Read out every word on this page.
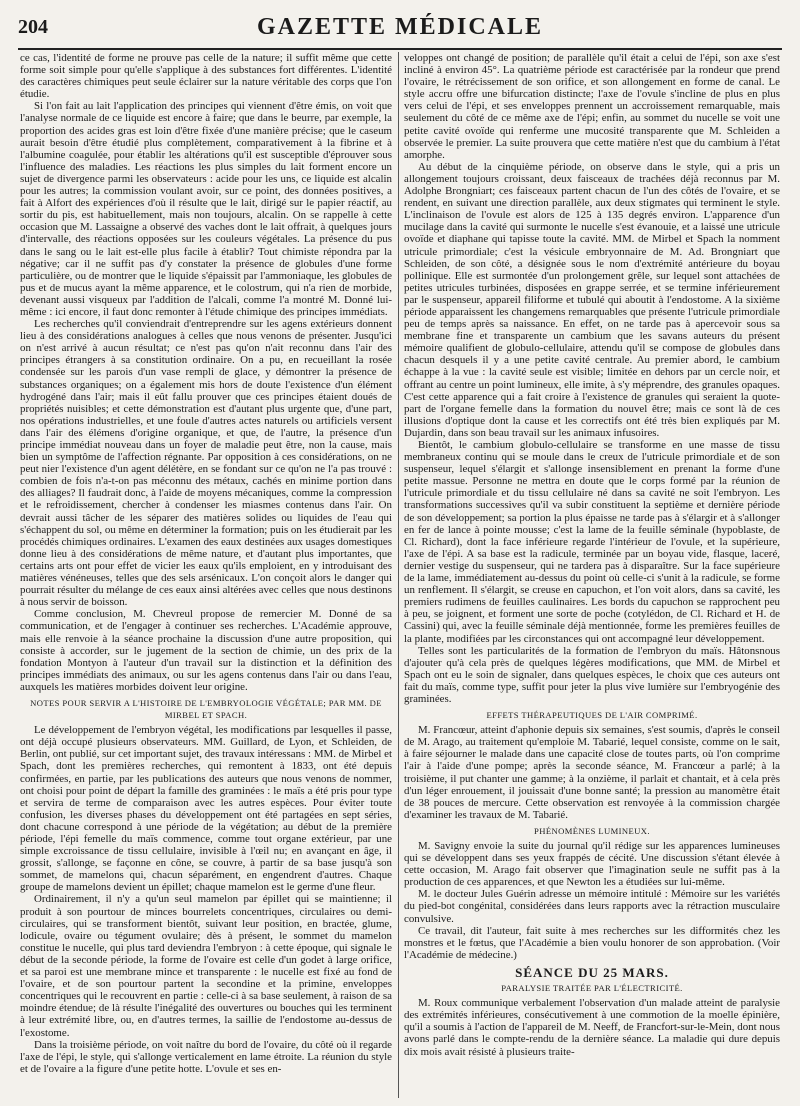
204	GAZETTE MÉDICALE

ce cas, l'identité de forme ne prouve pas celle de la nature; il suffit même que cette forme soit simple pour qu'elle s'applique à des substances fort différentes. L'identité des caractères chimiques peut seule éclairer sur la nature véritable des corps que l'on étudie.

Si l'on fait au lait l'application des principes qui viennent d'être émis, on voit que l'analyse normale de ce liquide est encore à faire; que dans le beurre, par exemple, la proportion des acides gras est loin d'être fixée d'une manière précise; que le caseum aurait besoin d'être étudié plus complètement, comparativement à la fibrine et à l'albumine coagulée, pour établir les altérations qu'il est susceptible d'éprouver sous l'influence des maladies. Les réactions les plus simples du lait forment encore un sujet de divergence parmi les observateurs : acide pour les uns, ce liquide est alcalin pour les autres; la commission voulant avoir, sur ce point, des données positives, a fait à Alfort des expériences d'où il résulte que le lait, dirigé sur le papier réactif, au sortir du pis, est habituellement, mais non toujours, alcalin. On se rappelle à cette occasion que M. Lassaigne a observé des vaches dont le lait offrait, à quelques jours d'intervalle, des réactions opposées sur les couleurs végétales. La présence du pus dans le sang ou le lait est-elle plus facile à établir? Tout chimiste répondra par la négative; car il ne suffit pas d'y constater la présence de globules d'une forme particulière, ou de montrer que le liquide s'épaissit par l'ammoniaque, les globules de pus et de mucus ayant la même apparence, et le colostrum, qui n'a rien de morbide, devenant aussi visqueux par l'addition de l'alcali, comme l'a montré M. Donné lui-même : ici encore, il faut donc remonter à l'étude chimique des principes immédiats.

Les recherches qu'il conviendrait d'entreprendre sur les agens extérieurs donnent lieu à des considérations analogues à celles que nous venons de présenter. Jusqu'ici on n'est arrivé à aucun résultat; ce n'est pas qu'on n'ait reconnu dans l'air des principes étrangers à sa constitution ordinaire. On a pu, en recueillant la rosée condensée sur les parois d'un vase rempli de glace, y démontrer la présence de substances organiques; on a également mis hors de doute l'existence d'un élément hydrogéné dans l'air; mais il eût fallu prouver que ces principes étaient doués de propriétés nuisibles; et cette démonstration est d'autant plus urgente que, d'une part, nos opérations industrielles, et une foule d'autres actes naturels ou artificiels versent dans l'air des élémens d'origine organique, et que, de l'autre, la présence d'un principe immédiat nouveau dans un foyer de maladie peut être, non la cause, mais bien un symptôme de l'affection régnante. Par opposition à ces considérations, on ne peut nier l'existence d'un agent délétère, en se fondant sur ce qu'on ne l'a pas trouvé : combien de fois n'a-t-on pas méconnu des métaux, cachés en minime portion dans des alliages? Il faudrait donc, à l'aide de moyens mécaniques, comme la compression et le refroidissement, chercher à condenser les miasmes contenus dans l'air. On devrait aussi tâcher de les séparer des matières solides ou liquides de l'eau qui s'échappent du sol, ou même en déterminer la formation; puis on les étudierait par les procédés chimiques ordinaires. L'examen des eaux destinées aux usages domestiques donne lieu à des considérations de même nature, et d'autant plus importantes, que certains arts ont pour effet de vicier les eaux qu'ils emploient, en y introduisant des matières vénéneuses, telles que des sels arsénicaux. L'on conçoit alors le danger qui pourrait résulter du mélange de ces eaux ainsi altérées avec celles que nous destinons à nous servir de boisson.

Comme conclusion, M. Chevreul propose de remercier M. Donné de sa communication, et de l'engager à continuer ses recherches. L'Académie approuve, mais elle renvoie à la séance prochaine la discussion d'une autre proposition, qui consiste à accorder, sur le jugement de la section de chimie, un des prix de la fondation Montyon à l'auteur d'un travail sur la distinction et la définition des principes immédiats des animaux, ou sur les agens contenus dans l'air ou dans l'eau, auxquels les matières morbides doivent leur origine.

NOTES POUR SERVIR A L'HISTOIRE DE L'EMBRYOLOGIE VÉGÉTALE; PAR MM. DE MIRBEL ET SPACH.

Le développement de l'embryon végétal, les modifications par lesquelles il passe, ont déjà occupé plusieurs observateurs. MM. Guillard, de Lyon, et Schleiden, de Berlin, ont publié, sur cet important sujet, des travaux intéressans : MM. de Mirbel et Spach, dont les premières recherches, qui remontent à 1833, ont été depuis confirmées, en partie, par les publications des auteurs que nous venons de nommer, ont choisi pour point de départ la famille des graminées : le maïs a été pris pour type et servira de terme de comparaison avec les autres espèces. Pour éviter toute confusion, les diverses phases du développement ont été partagées en sept séries, dont chacune correspond à une période de la végétation; au début de la première période, l'épi femelle du maïs commence, comme tout organe extérieur, par une simple excroissance de tissu cellulaire, invisible à l'œil nu; en avançant en âge, il grossit, s'allonge, se façonne en cône, se couvre, à partir de sa base jusqu'à son sommet, de mamelons qui, chacun séparément, en engendrent d'autres. Chaque groupe de mamelons devient un épillet; chaque mamelon est le germe d'une fleur.

Ordinairement, il n'y a qu'un seul mamelon par épillet qui se maintienne; il produit à son pourtour de minces bourrelets concentriques, circulaires ou demi-circulaires, qui se transforment bientôt, suivant leur position, en bractée, glume, lodicule, ovaire ou tégument ovulaire; dès à présent, le sommet du mamelon constitue le nucelle, qui plus tard deviendra l'embryon : à cette époque, qui signale le début de la seconde période, la forme de l'ovaire est celle d'un godet à large orifice, et sa paroi est une membrane mince et transparente : le nucelle est fixé au fond de l'ovaire, et de son pourtour partent la secondine et la primine, enveloppes concentriques qui le recouvrent en partie : celle-ci à sa base seulement, à raison de sa moindre étendue; de là résulte l'inégalité des ouvertures ou bouches qui les terminent à leur extrémité libre, ou, en d'autres termes, la saillie de l'endostome au-dessus de l'exostome.

Dans la troisième période, on voit naître du bord de l'ovaire, du côté où il regarde l'axe de l'épi, le style, qui s'allonge verticalement en lame étroite. La réunion du style et de l'ovaire a la figure d'une petite hotte. L'ovule et ses en-

veloppes ont changé de position; de parallèle qu'il était a celui de l'épi, son axe s'est incliné à environ 45°. La quatrième période est caractérisée par la rondeur que prend l'ovaire, le rétrécissement de son orifice, et son allongement en forme de canal. Le style accru offre une bifurcation distincte; l'axe de l'ovule s'incline de plus en plus vers celui de l'épi, et ses enveloppes prennent un accroissement remarquable, mais seulement du côté de ce même axe de l'épi; enfin, au sommet du nucelle se voit une petite cavité ovoïde qui renferme une mucosité transparente que M. Schleiden a observée le premier. La suite prouvera que cette matière n'est que du cambium à l'état amorphe.

Au début de la cinquième période, on observe dans le style, qui a pris un allongement toujours croissant, deux faisceaux de trachées déjà reconnus par M. Adolphe Brongniart; ces faisceaux partent chacun de l'un des côtés de l'ovaire, et se rendent, en suivant une direction parallèle, aux deux stigmates qui terminent le style. L'inclinaison de l'ovule est alors de 125 à 135 degrés environ. L'apparence d'un mucilage dans la cavité qui surmonte le nucelle s'est évanouie, et a laissé une utricule ovoïde et diaphane qui tapisse toute la cavité. MM. de Mirbel et Spach la nomment utricule primordiale; c'est la vésicule embryonnaire de M. Ad. Brongniart que Schleiden, de son côté, a désignée sous le nom d'extrémité antérieure du boyau pollinique. Elle est surmontée d'un prolongement grêle, sur lequel sont attachées de petites utricules turbinées, disposées en grappe serrée, et se termine inférieurement par le suspenseur, appareil filiforme et tubulé qui aboutit à l'endostome. A la sixième période apparaissent les changemens remarquables que présente l'utricule primordiale peu de temps après sa naissance. En effet, on ne tarde pas à apercevoir sous sa membrane fine et transparente un cambium que les savans auteurs du présent mémoire qualifient de globulo-cellulaire, attendu qu'il se compose de globules dans chacun desquels il y a une petite cavité centrale. Au premier abord, le cambium échappe à la vue : la cavité seule est visible; limitée en dehors par un cercle noir, et offrant au centre un point lumineux, elle imite, à s'y méprendre, des granules opaques. C'est cette apparence qui a fait croire à l'existence de granules qui seraient la quote-part de l'organe femelle dans la formation du nouvel être; mais ce sont là de ces illusions d'optique dont la cause et les correctifs ont été très bien expliqués par M. Dujardin, dans son beau travail sur les animaux infusoires.

Bientôt, le cambium globulo-cellulaire se transforme en une masse de tissu membraneux continu qui se moule dans le creux de l'utricule primordiale et de son suspenseur, lequel s'élargit et s'allonge insensiblement en prenant la forme d'une petite massue. Personne ne mettra en doute que le corps formé par la réunion de l'utricule primordiale et du tissu cellulaire né dans sa cavité ne soit l'embryon. Les transformations successives qu'il va subir constituent la septième et dernière période de son développement; sa portion la plus épaisse ne tarde pas à s'élargir et à s'allonger en fer de lance à pointe mousse; c'est la lame de la feuille séminale (hypoblaste, de Cl. Richard), dont la face inférieure regarde l'intérieur de l'ovule, et la supérieure, l'axe de l'épi. A sa base est la radicule, terminée par un boyau vide, flasque, laceré, dernier vestige du suspenseur, qui ne tardera pas à disparaître. Sur la face supérieure de la lame, immédiatement au-dessus du point où celle-ci s'unit à la radicule, se forme un renflement. Il s'élargit, se creuse en capuchon, et l'on voit alors, dans sa cavité, les premiers rudimens de feuilles caulinaires. Les bords du capuchon se rapprochent peu à peu, se joignent, et forment une sorte de poche (cotylédon, de Cl. Richard et H. de Cassini) qui, avec la feuille séminale déjà mentionnée, forme les premières feuilles de la plante, modifiées par les circonstances qui ont accompagné leur développement.

Telles sont les particularités de la formation de l'embryon du maïs. Hâtonsnous d'ajouter qu'à cela près de quelques légères modifications, que MM. de Mirbel et Spach ont eu le soin de signaler, dans quelques espèces, le choix que ces auteurs ont fait du maïs, comme type, suffit pour jeter la plus vive lumière sur l'embryogénie des graminées.

EFFETS THÉRAPEUTIQUES DE L'AIR COMPRIMÉ.

M. Francœur, atteint d'aphonie depuis six semaines, s'est soumis, d'après le conseil de M. Arago, au traitement qu'emploie M. Tabarié, lequel consiste, comme on le sait, à faire séjourner le malade dans une capacité close de toutes parts, où l'on comprime l'air à l'aide d'une pompe; après la seconde séance, M. Francœur a parlé; à la troisième, il put chanter une gamme; à la onzième, il parlait et chantait, et à cela près d'un léger enrouement, il jouissait d'une bonne santé; la pression au manomètre était de 38 pouces de mercure. Cette observation est renvoyée à la commission chargée d'examiner les travaux de M. Tabarié.

PHÉNOMÈNES LUMINEUX.

M. Savigny envoie la suite du journal qu'il rédige sur les apparences lumineuses qui se développent dans ses yeux frappés de cécité. Une discussion s'étant élevée à cette occasion, M. Arago fait observer que l'imagination seule ne suffit pas à la production de ces apparences, et que Newton les a étudiées sur lui-même.

M. le docteur Jules Guérin adresse un mémoire intitulé : Mémoire sur les variétés du pied-bot congénital, considérées dans leurs rapports avec la rétraction musculaire convulsive.

Ce travail, dit l'auteur, fait suite à mes recherches sur les difformités chez les monstres et le fœtus, que l'Académie a bien voulu honorer de son approbation. (Voir l'Académie de médecine.)

SÉANCE DU 25 MARS.

PARALYSIE TRAITÉE PAR L'ÉLECTRICITÉ.

M. Roux communique verbalement l'observation d'un malade atteint de paralysie des extrémités inférieures, consécutivement à une commotion de la moelle épinière, qu'il a soumis à l'action de l'appareil de M. Neeff, de Francfort-sur-le-Mein, dont nous avons parlé dans le compte-rendu de la dernière séance. La maladie qui dure depuis dix mois avait résisté à plusieurs traite-
